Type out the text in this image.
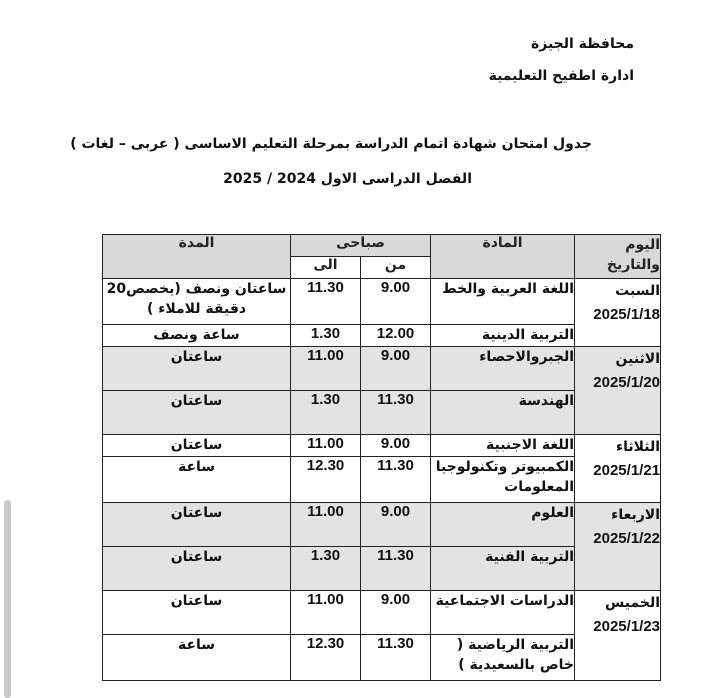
محافظة الجيزة
ادارة اطفيح التعليمية
جدول امتحان شهادة اتمام الدراسة بمرحلة التعليم الاساسى ( عربى – لغات )
الفصل الدراسى الاول 2024 / 2025
اليوم والتاريخ	المادة	صباحى		المدة
		من	الى	

السبت
2025/1/18	اللغة العربية والخط	9.00	11.30	ساعتان ونصف (يخصص20 دقيقة للاملاء )
	التربية الدينية	12.00	1.30	ساعة ونصف

الاثنين
2025/1/20	الجبروالاحصاء	9.00	11.00	ساعتان
	الهندسة	11.30	1.30	ساعتان

الثلاثاء
2025/1/21	اللغة الاجنبية	9.00	11.00	ساعتان
	الكمبيوتر وتكنولوجيا المعلومات	11.30	12.30	ساعة

الاربعاء
2025/1/22	العلوم	9.00	11.00	ساعتان
	التربية الفنية	11.30	1.30	ساعتان

الخميس
2025/1/23	الدراسات الاجتماعية	9.00	11.00	ساعتان
	التربية الرياضية ( خاص بالسعيدية )	11.30	12.30	ساعة
